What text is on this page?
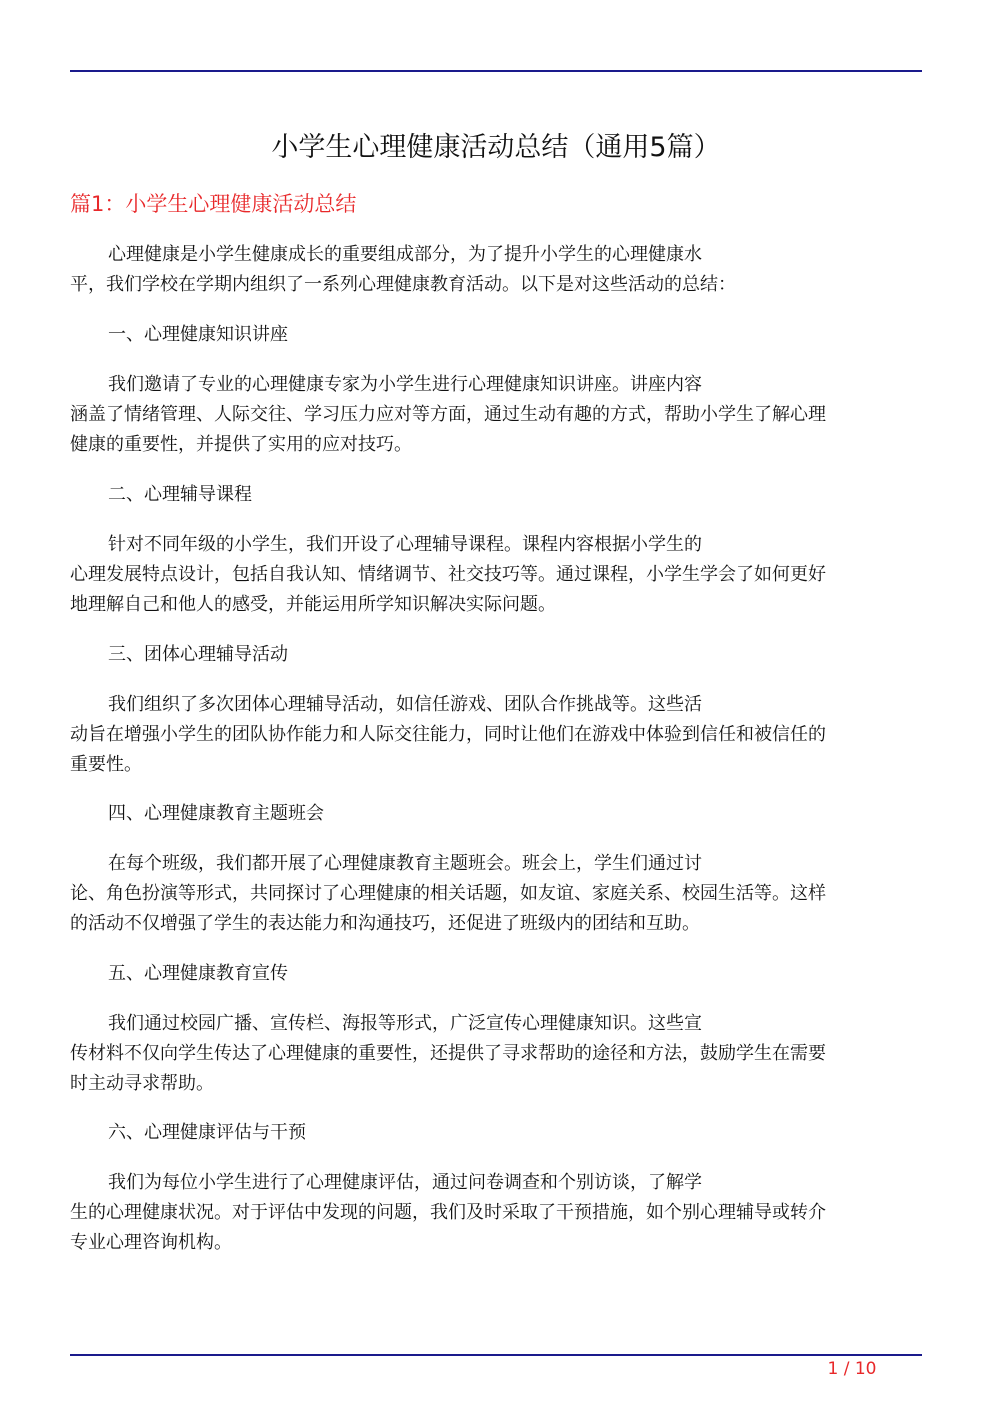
小学生心理健康活动总结（通用5篇）
篇1：小学生心理健康活动总结
心理健康是小学生健康成长的重要组成部分，为了提升小学生的心理健康水
平，我们学校在学期内组织了一系列心理健康教育活动。以下是对这些活动的总结：
一、心理健康知识讲座
我们邀请了专业的心理健康专家为小学生进行心理健康知识讲座。讲座内容
涵盖了情绪管理、人际交往、学习压力应对等方面，通过生动有趣的方式，帮助小学生了解心理
健康的重要性，并提供了实用的应对技巧。
二、心理辅导课程
针对不同年级的小学生，我们开设了心理辅导课程。课程内容根据小学生的
心理发展特点设计，包括自我认知、情绪调节、社交技巧等。通过课程，小学生学会了如何更好
地理解自己和他人的感受，并能运用所学知识解决实际问题。
三、团体心理辅导活动
我们组织了多次团体心理辅导活动，如信任游戏、团队合作挑战等。这些活
动旨在增强小学生的团队协作能力和人际交往能力，同时让他们在游戏中体验到信任和被信任的
重要性。
四、心理健康教育主题班会
在每个班级，我们都开展了心理健康教育主题班会。班会上，学生们通过讨
论、角色扮演等形式，共同探讨了心理健康的相关话题，如友谊、家庭关系、校园生活等。这样
的活动不仅增强了学生的表达能力和沟通技巧，还促进了班级内的团结和互助。
五、心理健康教育宣传
我们通过校园广播、宣传栏、海报等形式，广泛宣传心理健康知识。这些宣
传材料不仅向学生传达了心理健康的重要性，还提供了寻求帮助的途径和方法，鼓励学生在需要
时主动寻求帮助。
六、心理健康评估与干预
我们为每位小学生进行了心理健康评估，通过问卷调查和个别访谈，了解学
生的心理健康状况。对于评估中发现的问题，我们及时采取了干预措施，如个别心理辅导或转介
专业心理咨询机构。
1 / 10
